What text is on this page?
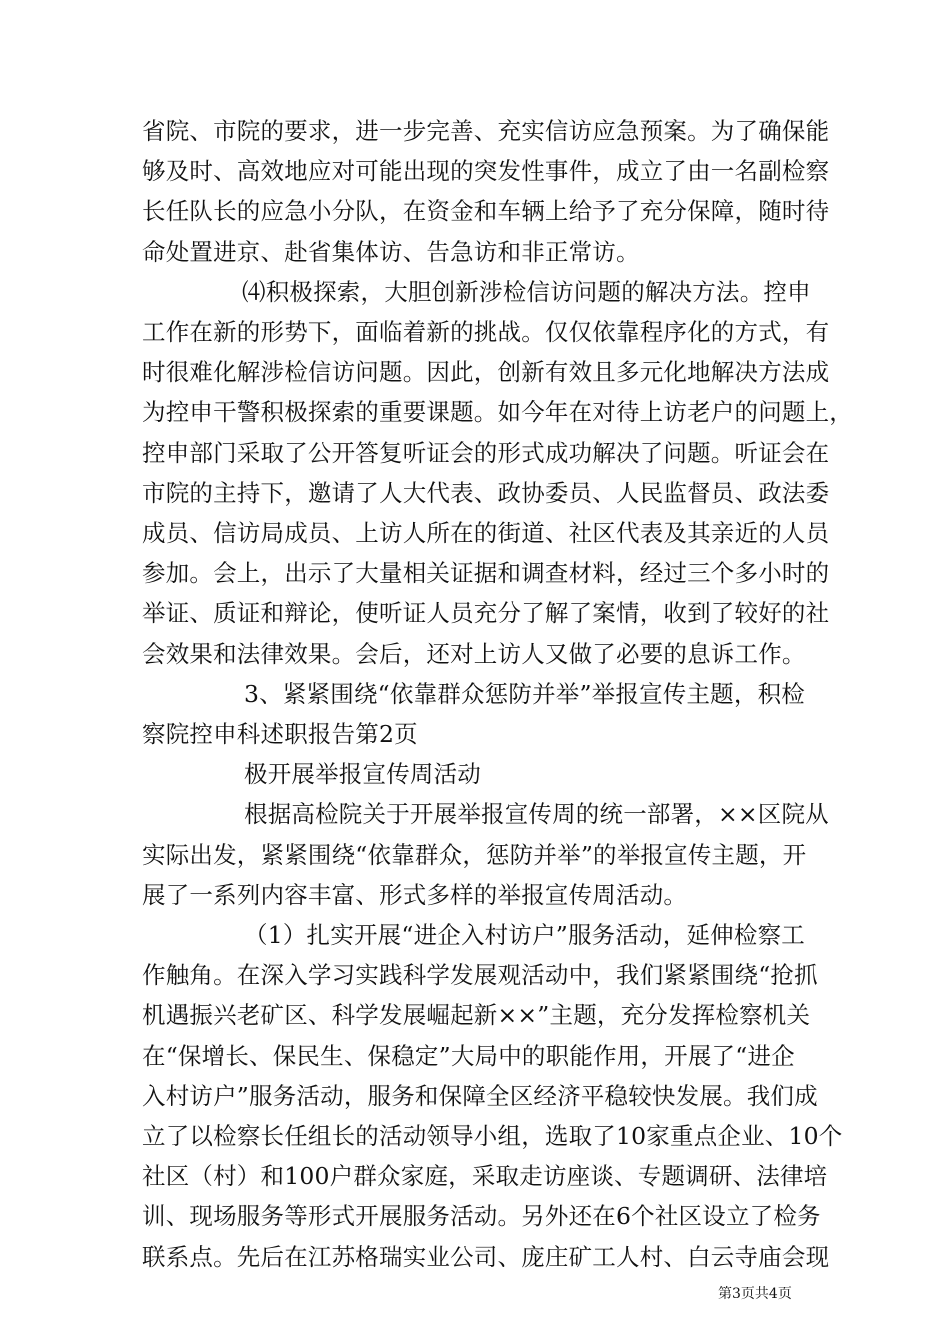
省院、市院的要求，进一步完善、充实信访应急预案。为了确保能
够及时、高效地应对可能出现的突发性事件，成立了由一名副检察
长任队长的应急小分队，在资金和车辆上给予了充分保障，随时待
命处置进京、赴省集体访、告急访和非正常访。
⑷积极探索，大胆创新涉检信访问题的解决方法。控申
工作在新的形势下，面临着新的挑战。仅仅依靠程序化的方式，有
时很难化解涉检信访问题。因此，创新有效且多元化地解决方法成
为控申干警积极探索的重要课题。如今年在对待上访老户的问题上，
控申部门采取了公开答复听证会的形式成功解决了问题。听证会在
市院的主持下，邀请了人大代表、政协委员、人民监督员、政法委
成员、信访局成员、上访人所在的街道、社区代表及其亲近的人员
参加。会上，出示了大量相关证据和调查材料，经过三个多小时的
举证、质证和辩论，使听证人员充分了解了案情，收到了较好的社
会效果和法律效果。会后，还对上访人又做了必要的息诉工作。
3、紧紧围绕“依靠群众惩防并举”举报宣传主题，积检
察院控申科述职报告第2页
极开展举报宣传周活动
根据高检院关于开展举报宣传周的统一部署，××区院从
实际出发，紧紧围绕“依靠群众，惩防并举”的举报宣传主题，开
展了一系列内容丰富、形式多样的举报宣传周活动。
（1）扎实开展“进企入村访户”服务活动，延伸检察工
作触角。在深入学习实践科学发展观活动中，我们紧紧围绕“抢抓
机遇振兴老矿区、科学发展崛起新××”主题，充分发挥检察机关
在“保增长、保民生、保稳定”大局中的职能作用，开展了“进企
入村访户”服务活动，服务和保障全区经济平稳较快发展。我们成
立了以检察长任组长的活动领导小组，选取了10家重点企业、10个
社区（村）和100户群众家庭，采取走访座谈、专题调研、法律培
训、现场服务等形式开展服务活动。另外还在6个社区设立了检务
联系点。先后在江苏格瑞实业公司、庞庄矿工人村、白云寺庙会现
第3页共4页
